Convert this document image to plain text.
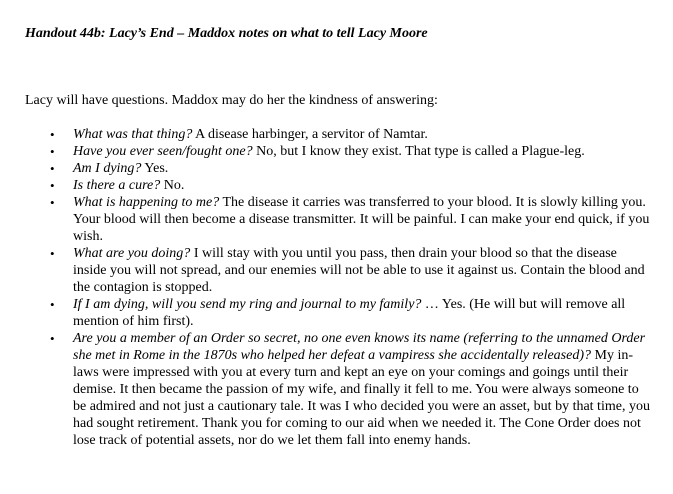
Handout 44b: Lacy’s End – Maddox notes on what to tell Lacy Moore
Lacy will have questions. Maddox may do her the kindness of answering:
• What was that thing? A disease harbinger, a servitor of Namtar.
• Have you ever seen/fought one? No, but I know they exist. That type is called a Plague-leg.
• Am I dying? Yes.
• Is there a cure? No.
• What is happening to me? The disease it carries was transferred to your blood. It is slowly killing you. Your blood will then become a disease transmitter. It will be painful. I can make your end quick, if you wish.
• What are you doing? I will stay with you until you pass, then drain your blood so that the disease inside you will not spread, and our enemies will not be able to use it against us. Contain the blood and the contagion is stopped.
• If I am dying, will you send my ring and journal to my family? … Yes. (He will but will remove all mention of him first).
• Are you a member of an Order so secret, no one even knows its name (referring to the unnamed Order she met in Rome in the 1870s who helped her defeat a vampiress she accidentally released)? My in-laws were impressed with you at every turn and kept an eye on your comings and goings until their demise. It then became the passion of my wife, and finally it fell to me. You were always someone to be admired and not just a cautionary tale. It was I who decided you were an asset, but by that time, you had sought retirement. Thank you for coming to our aid when we needed it. The Cone Order does not lose track of potential assets, nor do we let them fall into enemy hands.
